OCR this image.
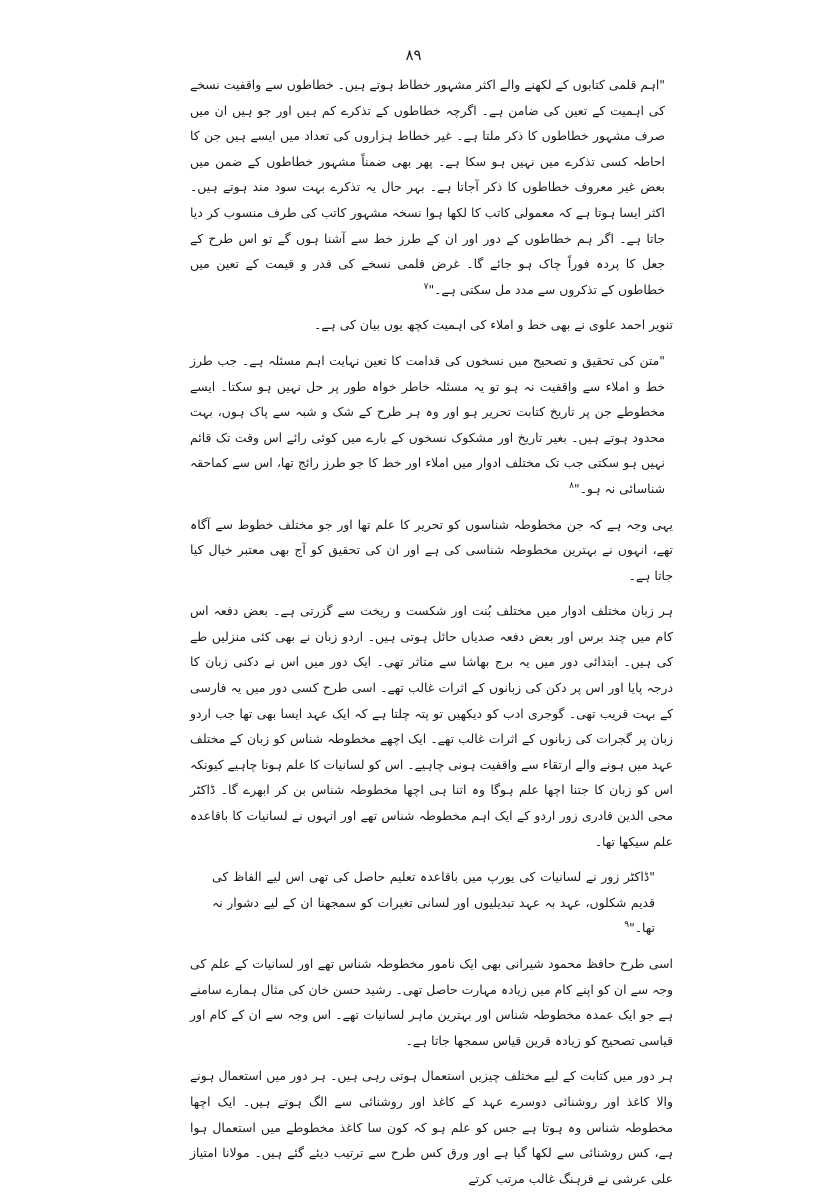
۸۹

"اہم قلمی کتابوں کے لکھنے والے اکثر مشہور خطاط ہوتے ہیں۔ خطاطوں سے واقفیت نسخے کی اہمیت کے تعین کی ضامن ہے۔ اگرچہ خطاطوں کے تذکرے کم ہیں اور جو ہیں ان میں صرف مشہور خطاطوں کا ذکر ملتا ہے۔ غیر خطاط ہزاروں کی تعداد میں ایسے ہیں جن کا احاطہ کسی تذکرے میں نہیں ہو سکا ہے۔ پھر بھی ضمناً مشہور خطاطوں کے ضمن میں بعض غیر معروف خطاطوں کا ذکر آجاتا ہے۔ بہر حال یہ تذکرے بہت سود مند ہوتے ہیں۔ اکثر ایسا ہوتا ہے کہ معمولی کاتب کا لکھا ہوا نسخہ مشہور کاتب کی طرف منسوب کر دیا جاتا ہے۔ اگر ہم خطاطوں کے دور اور ان کے طرز خط سے آشنا ہوں گے تو اس طرح کے جعل کا پردہ فوراً چاک ہو جائے گا۔ غرض قلمی نسخے کی قدر و قیمت کے تعین میں خطاطوں کے تذکروں سے مدد مل سکتی ہے۔"$^۷$

تنویر احمد علوی نے بھی خط و املاء کی اہمیت کچھ یوں بیان کی ہے۔

"متن کی تحقیق و تصحیح میں نسخوں کی قدامت کا تعین نہایت اہم مسئلہ ہے۔ جب طرز خط و املاء سے واقفیت نہ ہو تو یہ مسئلہ خاطر خواہ طور پر حل نہیں ہو سکتا۔ ایسے مخطوطے جن پر تاریخ کتابت تحریر ہو اور وہ ہر طرح کے شک و شبہ سے پاک ہوں، بہت محدود ہوتے ہیں۔ بغیر تاریخ اور مشکوک نسخوں کے بارے میں کوئی رائے اس وقت تک قائم نہیں ہو سکتی جب تک مختلف ادوار میں املاء اور خط کا جو طرز رائج تھا، اس سے کماحقہ شناسائی نہ ہو۔"$^۸$

یہی وجہ ہے کہ جن مخطوطہ شناسوں کو تحریر کا علم تھا اور جو مختلف خطوط سے آگاہ تھے، انہوں نے بہترین مخطوطہ شناسی کی ہے اور ان کی تحقیق کو آج بھی معتبر خیال کیا جاتا ہے۔

ہر زبان مختلف ادوار میں مختلف بُنت اور شکست و ریخت سے گزرتی ہے۔ بعض دفعہ اس کام میں چند برس اور بعض دفعہ صدیاں حائل ہوتی ہیں۔ اردو زبان نے بھی کئی منزلیں طے کی ہیں۔ ابتدائی دور میں یہ برج بھاشا سے متاثر تھی۔ ایک دور میں اس نے دکنی زبان کا درجہ پایا اور اس پر دکن کی زبانوں کے اثرات غالب تھے۔ اسی طرح کسی دور میں یہ فارسی کے بہت قریب تھی۔ گوجری ادب کو دیکھیں تو پتہ چلتا ہے کہ ایک عہد ایسا بھی تھا جب اردو زبان پر گجرات کی زبانوں کے اثرات غالب تھے۔ ایک اچھے مخطوطہ شناس کو زبان کے مختلف عہد میں ہونے والے ارتقاء سے واقفیت ہونی چاہیے۔ اس کو لسانیات کا علم ہونا چاہیے کیونکہ اس کو زبان کا جتنا اچھا علم ہوگا وہ اتنا ہی اچھا مخطوطہ شناس بن کر ابھرے گا۔ ڈاکٹر محی الدین قادری زور اردو کے ایک اہم مخطوطہ شناس تھے اور انہوں نے لسانیات کا باقاعدہ علم سیکھا تھا۔

"ڈاکٹر زور نے لسانیات کی یورپ میں باقاعدہ تعلیم حاصل کی تھی اس لیے الفاظ کی قدیم شکلوں، عہد بہ عہد تبدیلیوں اور لسانی تغیرات کو سمجھنا ان کے لیے دشوار نہ تھا۔"$^۹$

اسی طرح حافظ محمود شیرانی بھی ایک نامور مخطوطہ شناس تھے اور لسانیات کے علم کی وجہ سے ان کو اپنے کام میں زیادہ مہارت حاصل تھی۔ رشید حسن خان کی مثال ہمارے سامنے ہے جو ایک عمدہ مخطوطہ شناس اور بہترین ماہر لسانیات تھے۔ اس وجہ سے ان کے کام اور قیاسی تصحیح کو زیادہ قرین قیاس سمجھا جاتا ہے۔

ہر دور میں کتابت کے لیے مختلف چیزیں استعمال ہوتی رہی ہیں۔ ہر دور میں استعمال ہونے والا کاغذ اور روشنائی دوسرے عہد کے کاغذ اور روشنائی سے الگ ہوتے ہیں۔ ایک اچھا مخطوطہ شناس وہ ہوتا ہے جس کو علم ہو کہ کون سا کاغذ مخطوطے میں استعمال ہوا ہے، کس روشنائی سے لکھا گیا ہے اور ورق کس طرح سے ترتیب دیئے گئے ہیں۔ مولانا امتیاز علی عرشی نے فرہنگ غالب مرتب کرتے
